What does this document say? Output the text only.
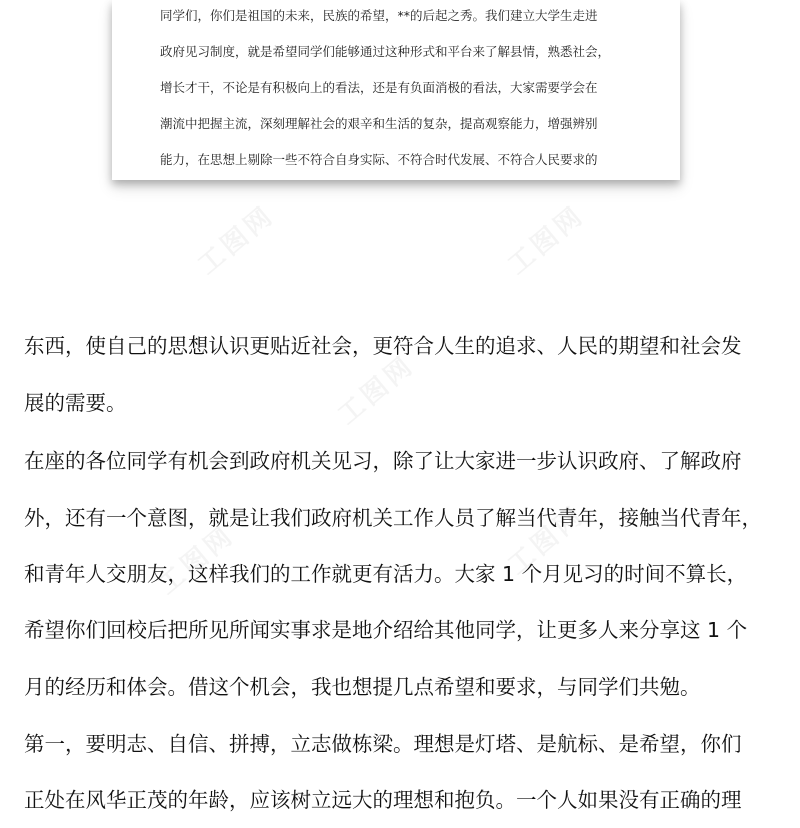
工图网	工图网
工图网
工图网	工图网
同学们，你们是祖国的未来，民族的希望，**的后起之秀。我们建立大学生走进
政府见习制度，就是希望同学们能够通过这种形式和平台来了解县情，熟悉社会，
增长才干，不论是有积极向上的看法，还是有负面消极的看法，大家需要学会在
潮流中把握主流，深刻理解社会的艰辛和生活的复杂，提高观察能力，增强辨别
能力，在思想上剔除一些不符合自身实际、不符合时代发展、不符合人民要求的
东西，使自己的思想认识更贴近社会，更符合人生的追求、人民的期望和社会发
展的需要。
在座的各位同学有机会到政府机关见习，除了让大家进一步认识政府、了解政府
外，还有一个意图，就是让我们政府机关工作人员了解当代青年，接触当代青年，
和青年人交朋友，这样我们的工作就更有活力。大家 1 个月见习的时间不算长，
希望你们回校后把所见所闻实事求是地介绍给其他同学，让更多人来分享这 1 个
月的经历和体会。借这个机会，我也想提几点希望和要求，与同学们共勉。
第一，要明志、自信、拼搏，立志做栋梁。理想是灯塔、是航标、是希望，你们
正处在风华正茂的年龄，应该树立远大的理想和抱负。一个人如果没有正确的理
